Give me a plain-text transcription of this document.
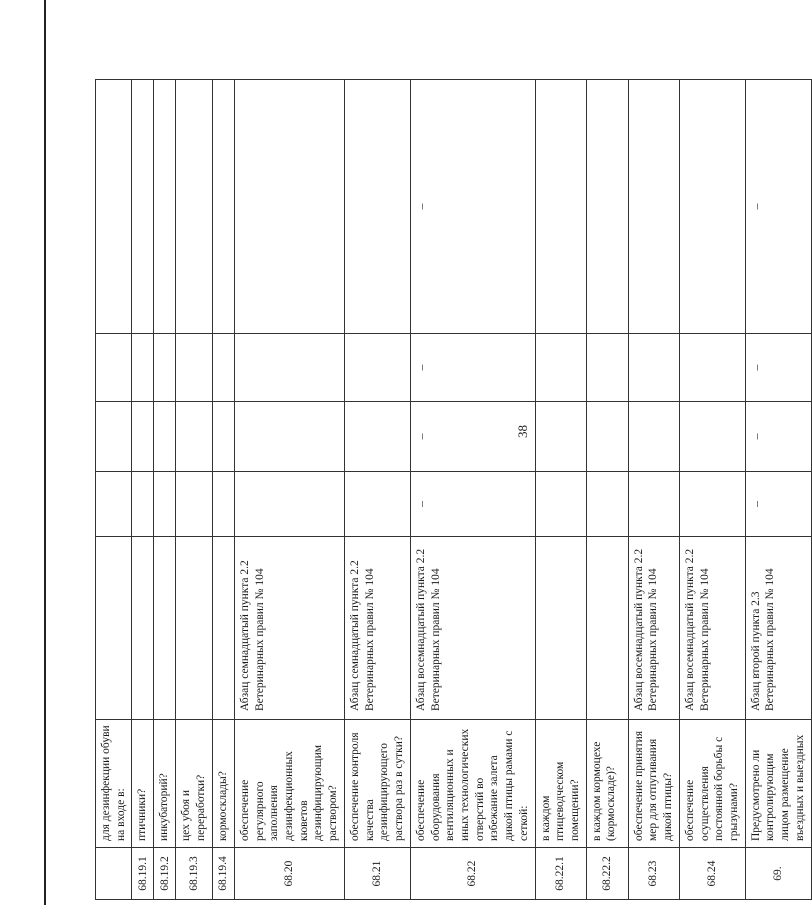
38
	для дезинфекции обуви на входе в:					
68.19.1	птичники?					
68.19.2	инкубаторий?					
68.19.3	цех убоя и переработки?					
68.19.4	кормосклады?					
68.20	обеспечение регулярного заполнения дезинфекционных кюветов дезинфицирующим раствором?	Абзац семнадцатый пункта 2.2 Ветеринарных правил № 104				
68.21	обеспечение контроля качества дезинфицирующего раствора раз в сутки?	Абзац семнадцатый пункта 2.2 Ветеринарных правил № 104				
68.22	обеспечение оборудования вентиляционных и иных технологических отверстий во избежание залета дикой птицы рамами с сеткой:	Абзац восемнадцатый пункта 2.2 Ветеринарных правил № 104	–	–	–	–
68.22.1	в каждом птицеводческом помещении?					
68.22.2	в каждом кормоцехе (кормоскладе)?					
68.23	обеспечение принятия мер для отпугивания дикой птицы?	Абзац восемнадцатый пункта 2.2 Ветеринарных правил № 104				
68.24	обеспечение осуществления постоянной борьбы с грызунами?	Абзац восемнадцатый пункта 2.2 Ветеринарных правил № 104				
69.	Предусмотрено ли контролирующим лицом размещение въездных и выездных	Абзац второй пункта 2.3 Ветеринарных правил № 104	–	–	–	–
